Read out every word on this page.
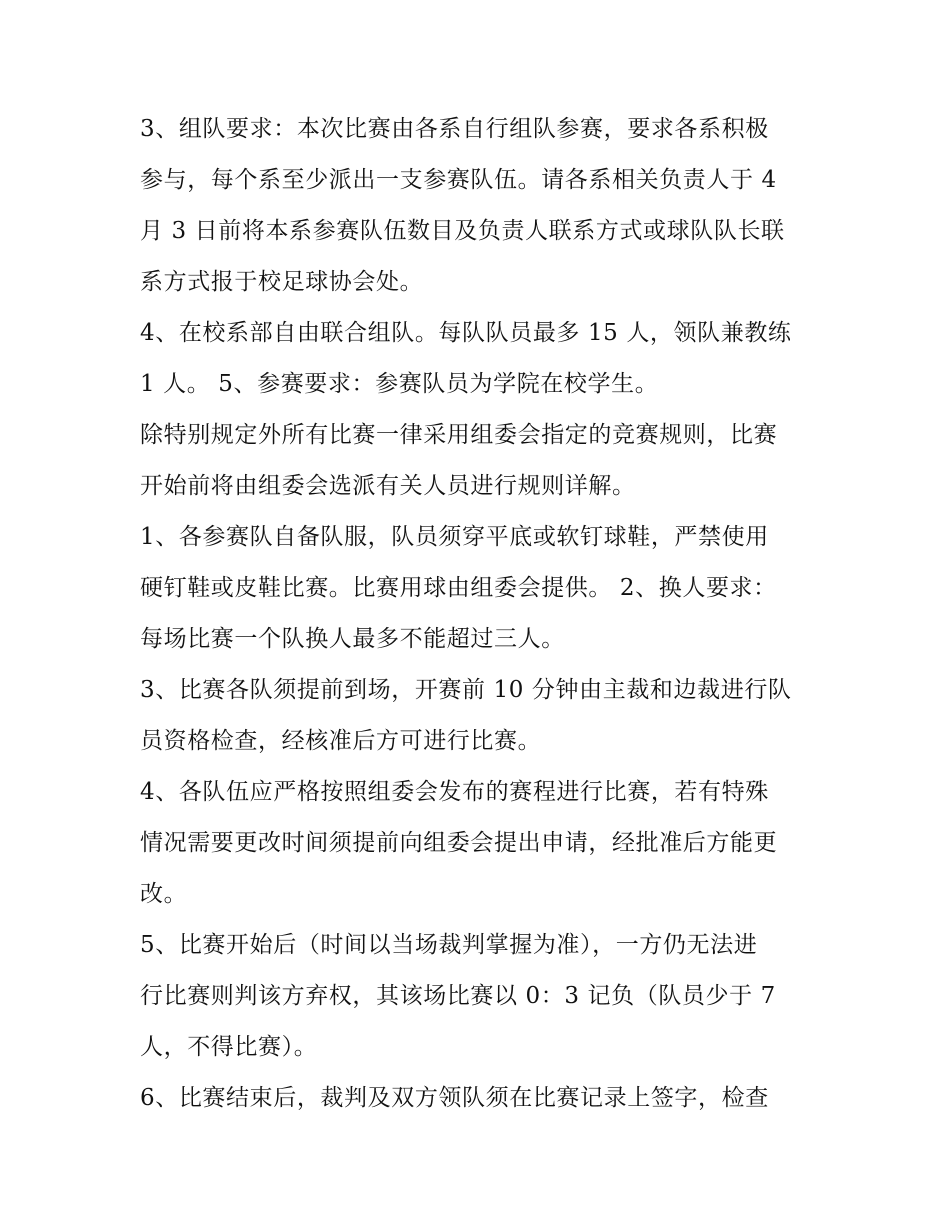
3、组队要求：本次比赛由各系自行组队参赛，要求各系积极
参与，每个系至少派出一支参赛队伍。请各系相关负责人于 4
月 3 日前将本系参赛队伍数目及负责人联系方式或球队队长联
系方式报于校足球协会处。
4、在校系部自由联合组队。每队队员最多 15 人，领队兼教练
1 人。 5、参赛要求：参赛队员为学院在校学生。
除特别规定外所有比赛一律采用组委会指定的竞赛规则，比赛
开始前将由组委会选派有关人员进行规则详解。
1、各参赛队自备队服，队员须穿平底或软钉球鞋，严禁使用
硬钉鞋或皮鞋比赛。比赛用球由组委会提供。 2、换人要求：
每场比赛一个队换人最多不能超过三人。
3、比赛各队须提前到场，开赛前 10 分钟由主裁和边裁进行队
员资格检查，经核准后方可进行比赛。
4、各队伍应严格按照组委会发布的赛程进行比赛，若有特殊
情况需要更改时间须提前向组委会提出申请，经批准后方能更
改。
5、比赛开始后（时间以当场裁判掌握为准），一方仍无法进
行比赛则判该方弃权，其该场比赛以 0：3 记负（队员少于 7
人，不得比赛）。
6、比赛结束后，裁判及双方领队须在比赛记录上签字，检查
